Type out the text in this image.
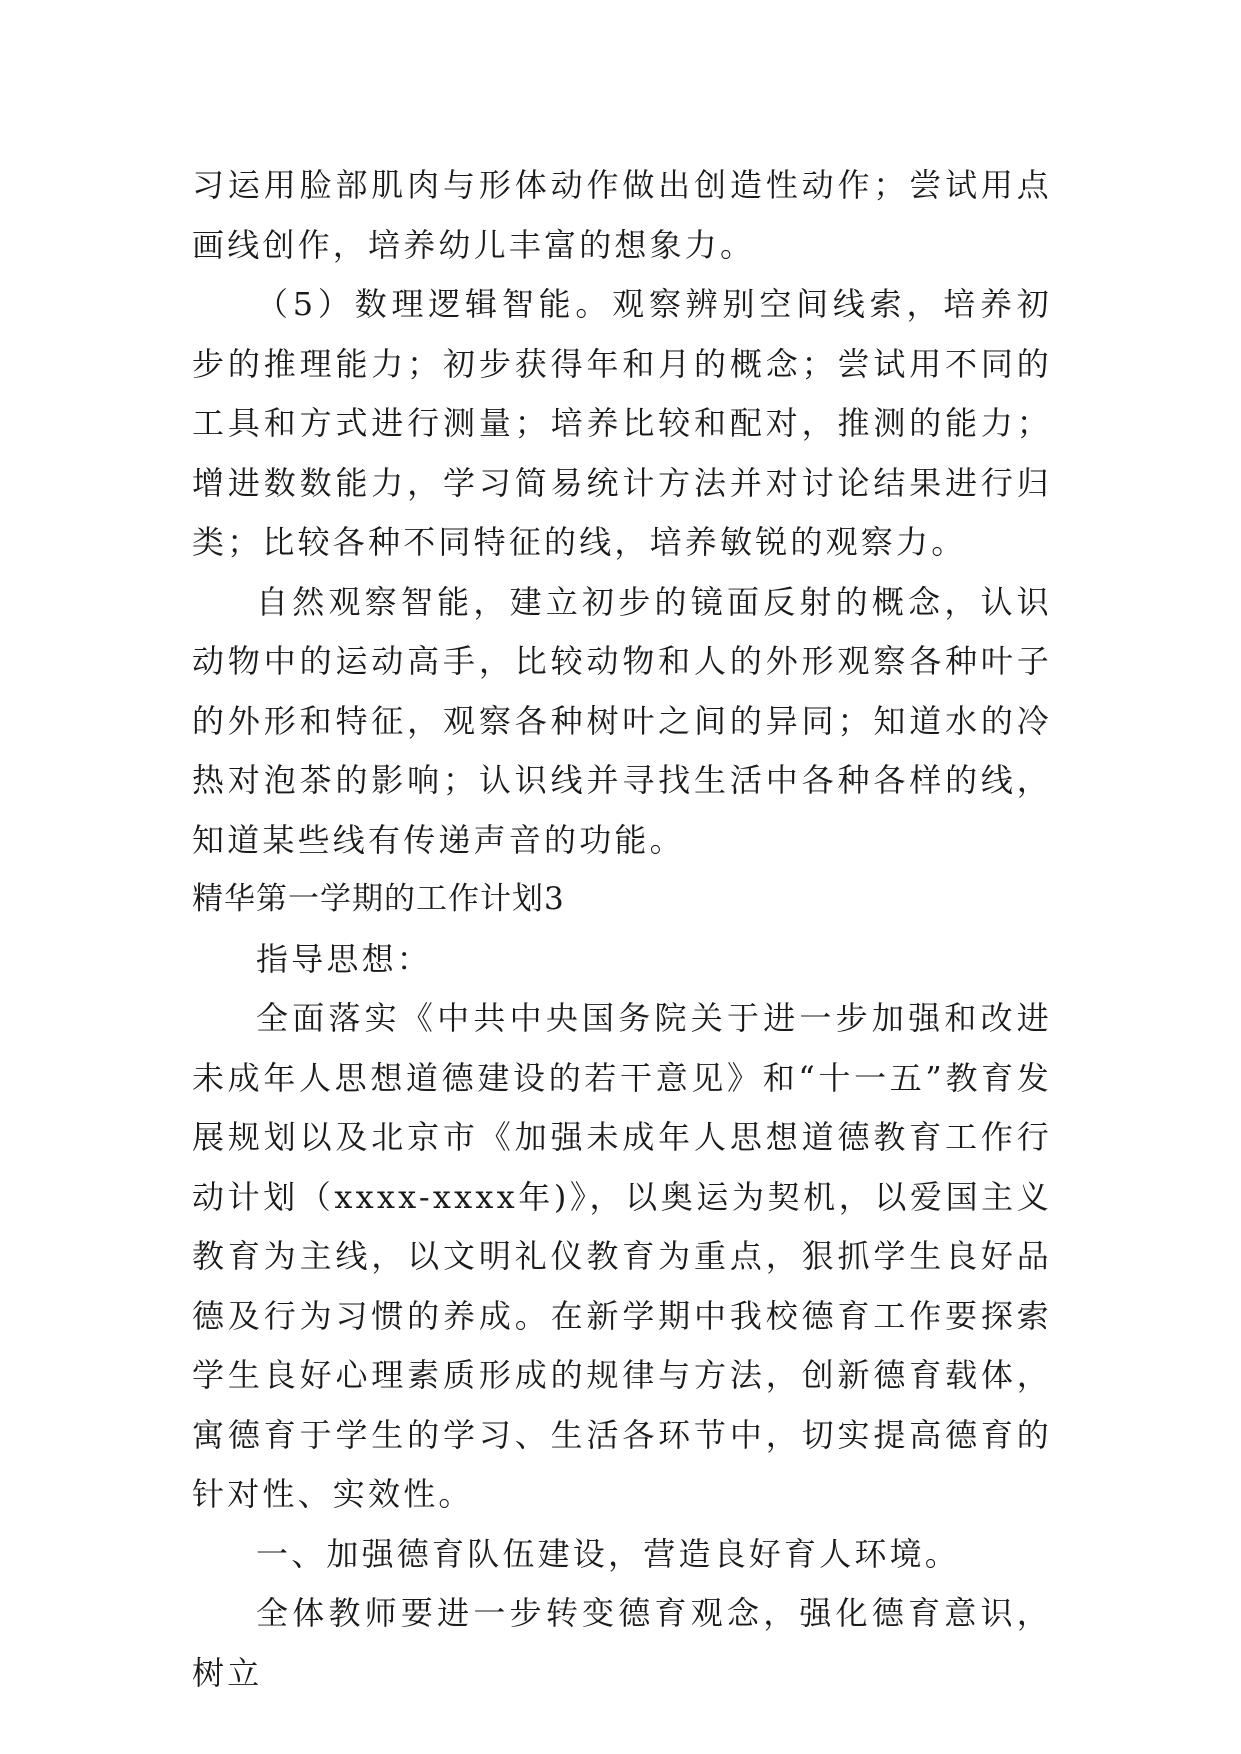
习运用脸部肌肉与形体动作做出创造性动作；尝试用点画线创作，培养幼儿丰富的想象力。

（5）数理逻辑智能。观察辨别空间线索，培养初步的推理能力；初步获得年和月的概念；尝试用不同的工具和方式进行测量；培养比较和配对，推测的能力；增进数数能力，学习简易统计方法并对讨论结果进行归类；比较各种不同特征的线，培养敏锐的观察力。

自然观察智能，建立初步的镜面反射的概念，认识动物中的运动高手，比较动物和人的外形观察各种叶子的外形和特征，观察各种树叶之间的异同；知道水的冷热对泡茶的影响；认识线并寻找生活中各种各样的线，知道某些线有传递声音的功能。

精华第一学期的工作计划3

指导思想：

全面落实《中共中央国务院关于进一步加强和改进未成年人思想道德建设的若干意见》和“十一五”教育发展规划以及北京市《加强未成年人思想道德教育工作行动计划（xxxx-xxxx年)》，以奥运为契机，以爱国主义教育为主线，以文明礼仪教育为重点，狠抓学生良好品德及行为习惯的养成。在新学期中我校德育工作要探索学生良好心理素质形成的规律与方法，创新德育载体，寓德育于学生的学习、生活各环节中，切实提高德育的针对性、实效性。

一、加强德育队伍建设，营造良好育人环境。

全体教师要进一步转变德育观念，强化德育意识，树立
